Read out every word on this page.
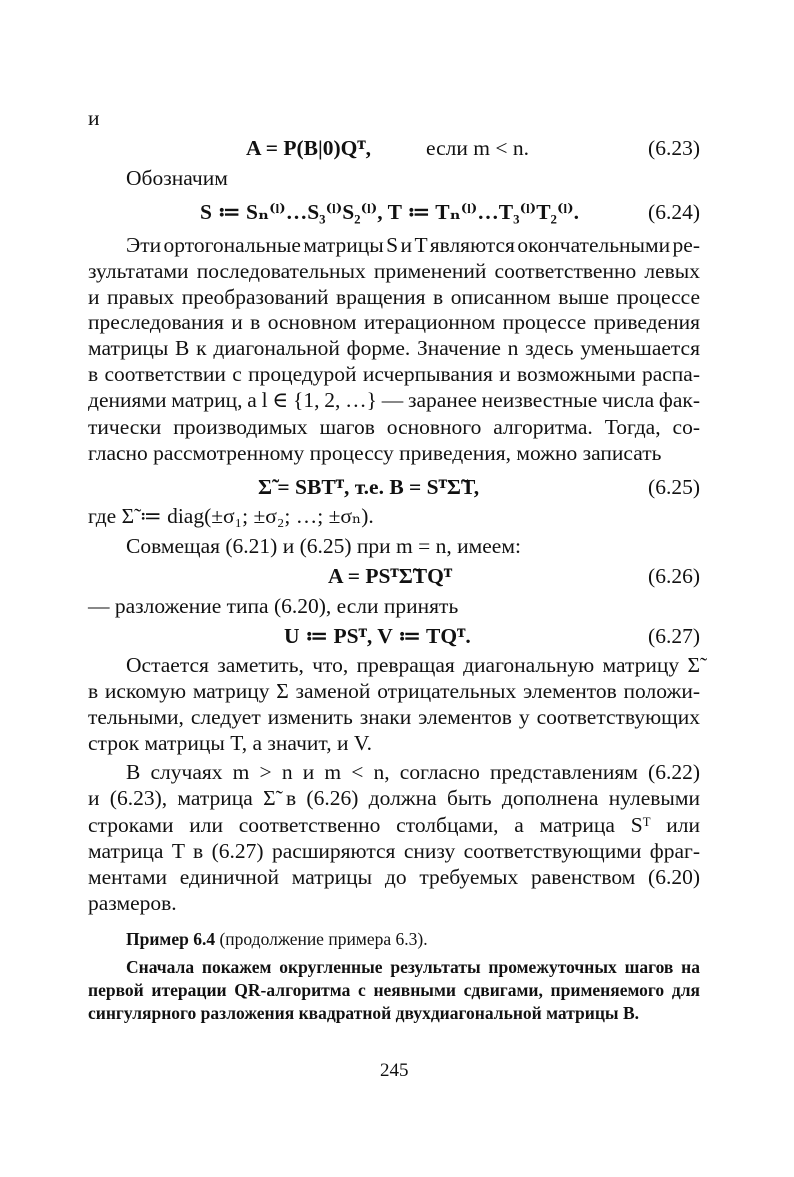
и
A = P(B|0)Qᵀ,	если m < n.	(6.23)
Обозначим
S ≔ Sₙ⁽ˡ⁾…S₃⁽ˡ⁾S₂⁽ˡ⁾, T ≔ Tₙ⁽ˡ⁾…T₃⁽ˡ⁾T₂⁽ˡ⁾.	(6.24)
Эти ортогональные матрицы S и T являются окончательными ре-
зультатами последовательных применений соответственно левых
и правых преобразований вращения в описанном выше процессе
преследования и в основном итерационном процессе приведения
матрицы B к диагональной форме. Значение n здесь уменьшается
в соответствии с процедурой исчерпывания и возможными распа-
дениями матриц, а l ∈ {1, 2, …} — заранее неизвестные числа фак-
тически производимых шагов основного алгоритма. Тогда, со-
гласно рассмотренному процессу приведения, можно записать
Σ̃ = SBTᵀ, т.е. B = SᵀΣ̃T,	(6.25)
где Σ̃ ≔ diag(±σ₁; ±σ₂; …; ±σₙ).
Совмещая (6.21) и (6.25) при m = n, имеем:
A = PSᵀΣ̃TQᵀ	(6.26)
— разложение типа (6.20), если принять
U ≔ PSᵀ, V ≔ TQᵀ.	(6.27)
Остается заметить, что, превращая диагональную матрицу Σ̃
в искомую матрицу Σ заменой отрицательных элементов положи-
тельными, следует изменить знаки элементов у соответствующих
строк матрицы T, а значит, и V.
В случаях m > n и m < n, согласно представлениям (6.22)
и (6.23), матрица Σ̃ в (6.26) должна быть дополнена нулевыми
строками или соответственно столбцами, а матрица Sᵀ или
матрица T в (6.27) расширяются снизу соответствующими фраг-
ментами единичной матрицы до требуемых равенством (6.20)
размеров.
Пример 6.4 (продолжение примера 6.3).
Сначала покажем округленные результаты промежуточных шагов на
первой итерации QR-алгоритма с неявными сдвигами, применяемого для
сингулярного разложения квадратной двухдиагональной матрицы B.
245
